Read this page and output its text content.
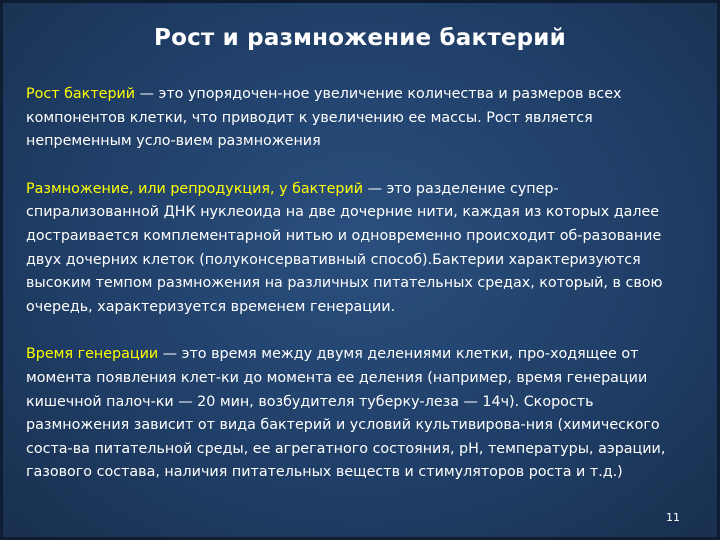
Рост и размножение бактерий

Рост бактерий — это упорядочен-ное увеличение количества и размеров всех компонентов клетки, что приводит к увеличению ее массы. Рост является непременным усло-вием размножения

Размножение, или репродукция, у бактерий — это разделение супер-спирализованной ДНК нуклеоида на две дочерние нити, каждая из которых далее достраивается комплементарной нитью и одновременно происходит об-разование двух дочерних клеток (полуконсервативный способ).Бактерии характеризуются высоким темпом размножения на различных питательных средах, который, в свою очередь, характеризуется временем генерации.

Время генерации — это время между двумя делениями клетки, про-ходящее от момента появления клет-ки до момента ее деления (например, время генерации кишечной палоч-ки — 20 мин, возбудителя туберку-леза — 14ч). Скорость размножения зависит от вида бактерий и условий культивирова-ния (химического соста-ва питательной среды, ее агрегатного состояния, рН, температуры, аэрации, газового состава, наличия питательных веществ и стимуляторов роста и т.д.)

11
